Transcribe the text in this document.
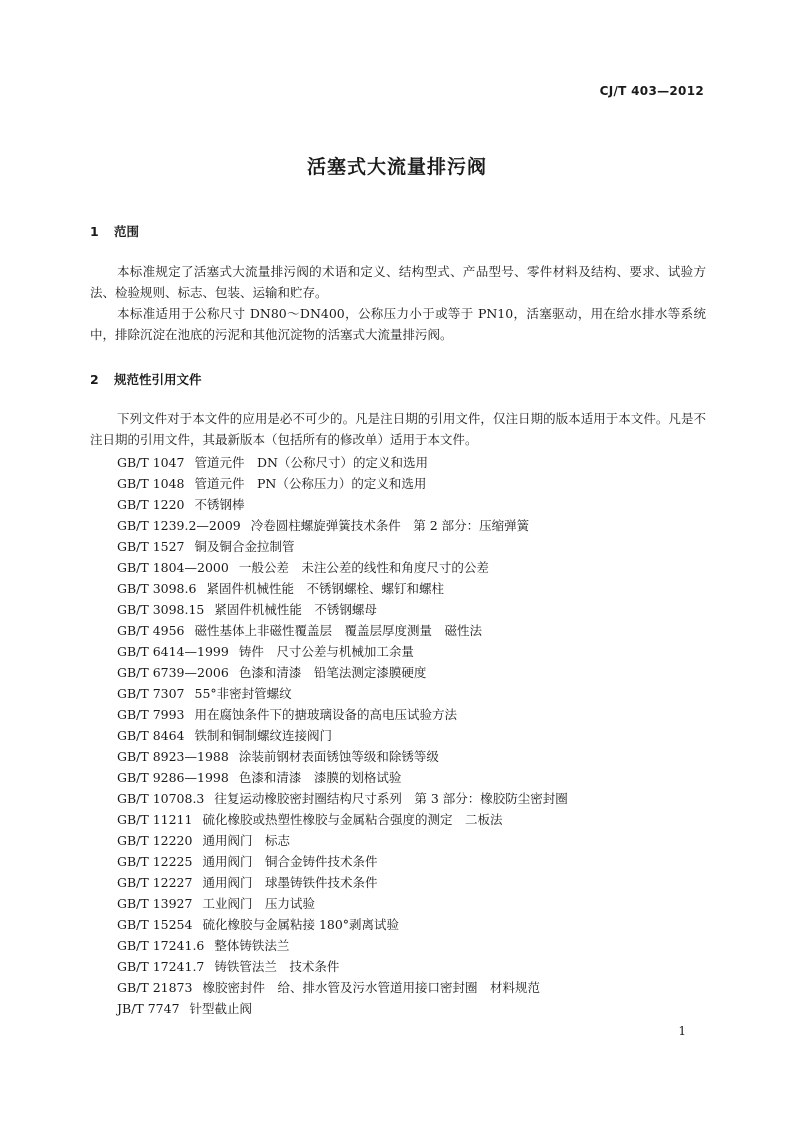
CJ/T 403—2012
活塞式大流量排污阀
1 范围
本标准规定了活塞式大流量排污阀的术语和定义、结构型式、产品型号、零件材料及结构、要求、试验方法、检验规则、标志、包装、运输和贮存。
本标准适用于公称尺寸 DN80～DN400，公称压力小于或等于 PN10，活塞驱动，用在给水排水等系统中，排除沉淀在池底的污泥和其他沉淀物的活塞式大流量排污阀。
2 规范性引用文件
下列文件对于本文件的应用是必不可少的。凡是注日期的引用文件，仅注日期的版本适用于本文件。凡是不注日期的引用文件，其最新版本（包括所有的修改单）适用于本文件。
GB/T 1047 管道元件　DN（公称尺寸）的定义和选用
GB/T 1048 管道元件　PN（公称压力）的定义和选用
GB/T 1220 不锈钢棒
GB/T 1239.2—2009 冷卷圆柱螺旋弹簧技术条件　第 2 部分：压缩弹簧
GB/T 1527 铜及铜合金拉制管
GB/T 1804—2000 一般公差　未注公差的线性和角度尺寸的公差
GB/T 3098.6 紧固件机械性能　不锈钢螺栓、螺钉和螺柱
GB/T 3098.15 紧固件机械性能　不锈钢螺母
GB/T 4956 磁性基体上非磁性覆盖层　覆盖层厚度测量　磁性法
GB/T 6414—1999 铸件　尺寸公差与机械加工余量
GB/T 6739—2006 色漆和清漆　铅笔法测定漆膜硬度
GB/T 7307 55°非密封管螺纹
GB/T 7993 用在腐蚀条件下的搪玻璃设备的高电压试验方法
GB/T 8464 铁制和铜制螺纹连接阀门
GB/T 8923—1988 涂装前钢材表面锈蚀等级和除锈等级
GB/T 9286—1998 色漆和清漆　漆膜的划格试验
GB/T 10708.3 往复运动橡胶密封圈结构尺寸系列　第 3 部分：橡胶防尘密封圈
GB/T 11211 硫化橡胶或热塑性橡胶与金属粘合强度的测定　二板法
GB/T 12220 通用阀门　标志
GB/T 12225 通用阀门　铜合金铸件技术条件
GB/T 12227 通用阀门　球墨铸铁件技术条件
GB/T 13927 工业阀门　压力试验
GB/T 15254 硫化橡胶与金属粘接 180°剥离试验
GB/T 17241.6 整体铸铁法兰
GB/T 17241.7 铸铁管法兰　技术条件
GB/T 21873 橡胶密封件　给、排水管及污水管道用接口密封圈　材料规范
JB/T 7747 针型截止阀
1
